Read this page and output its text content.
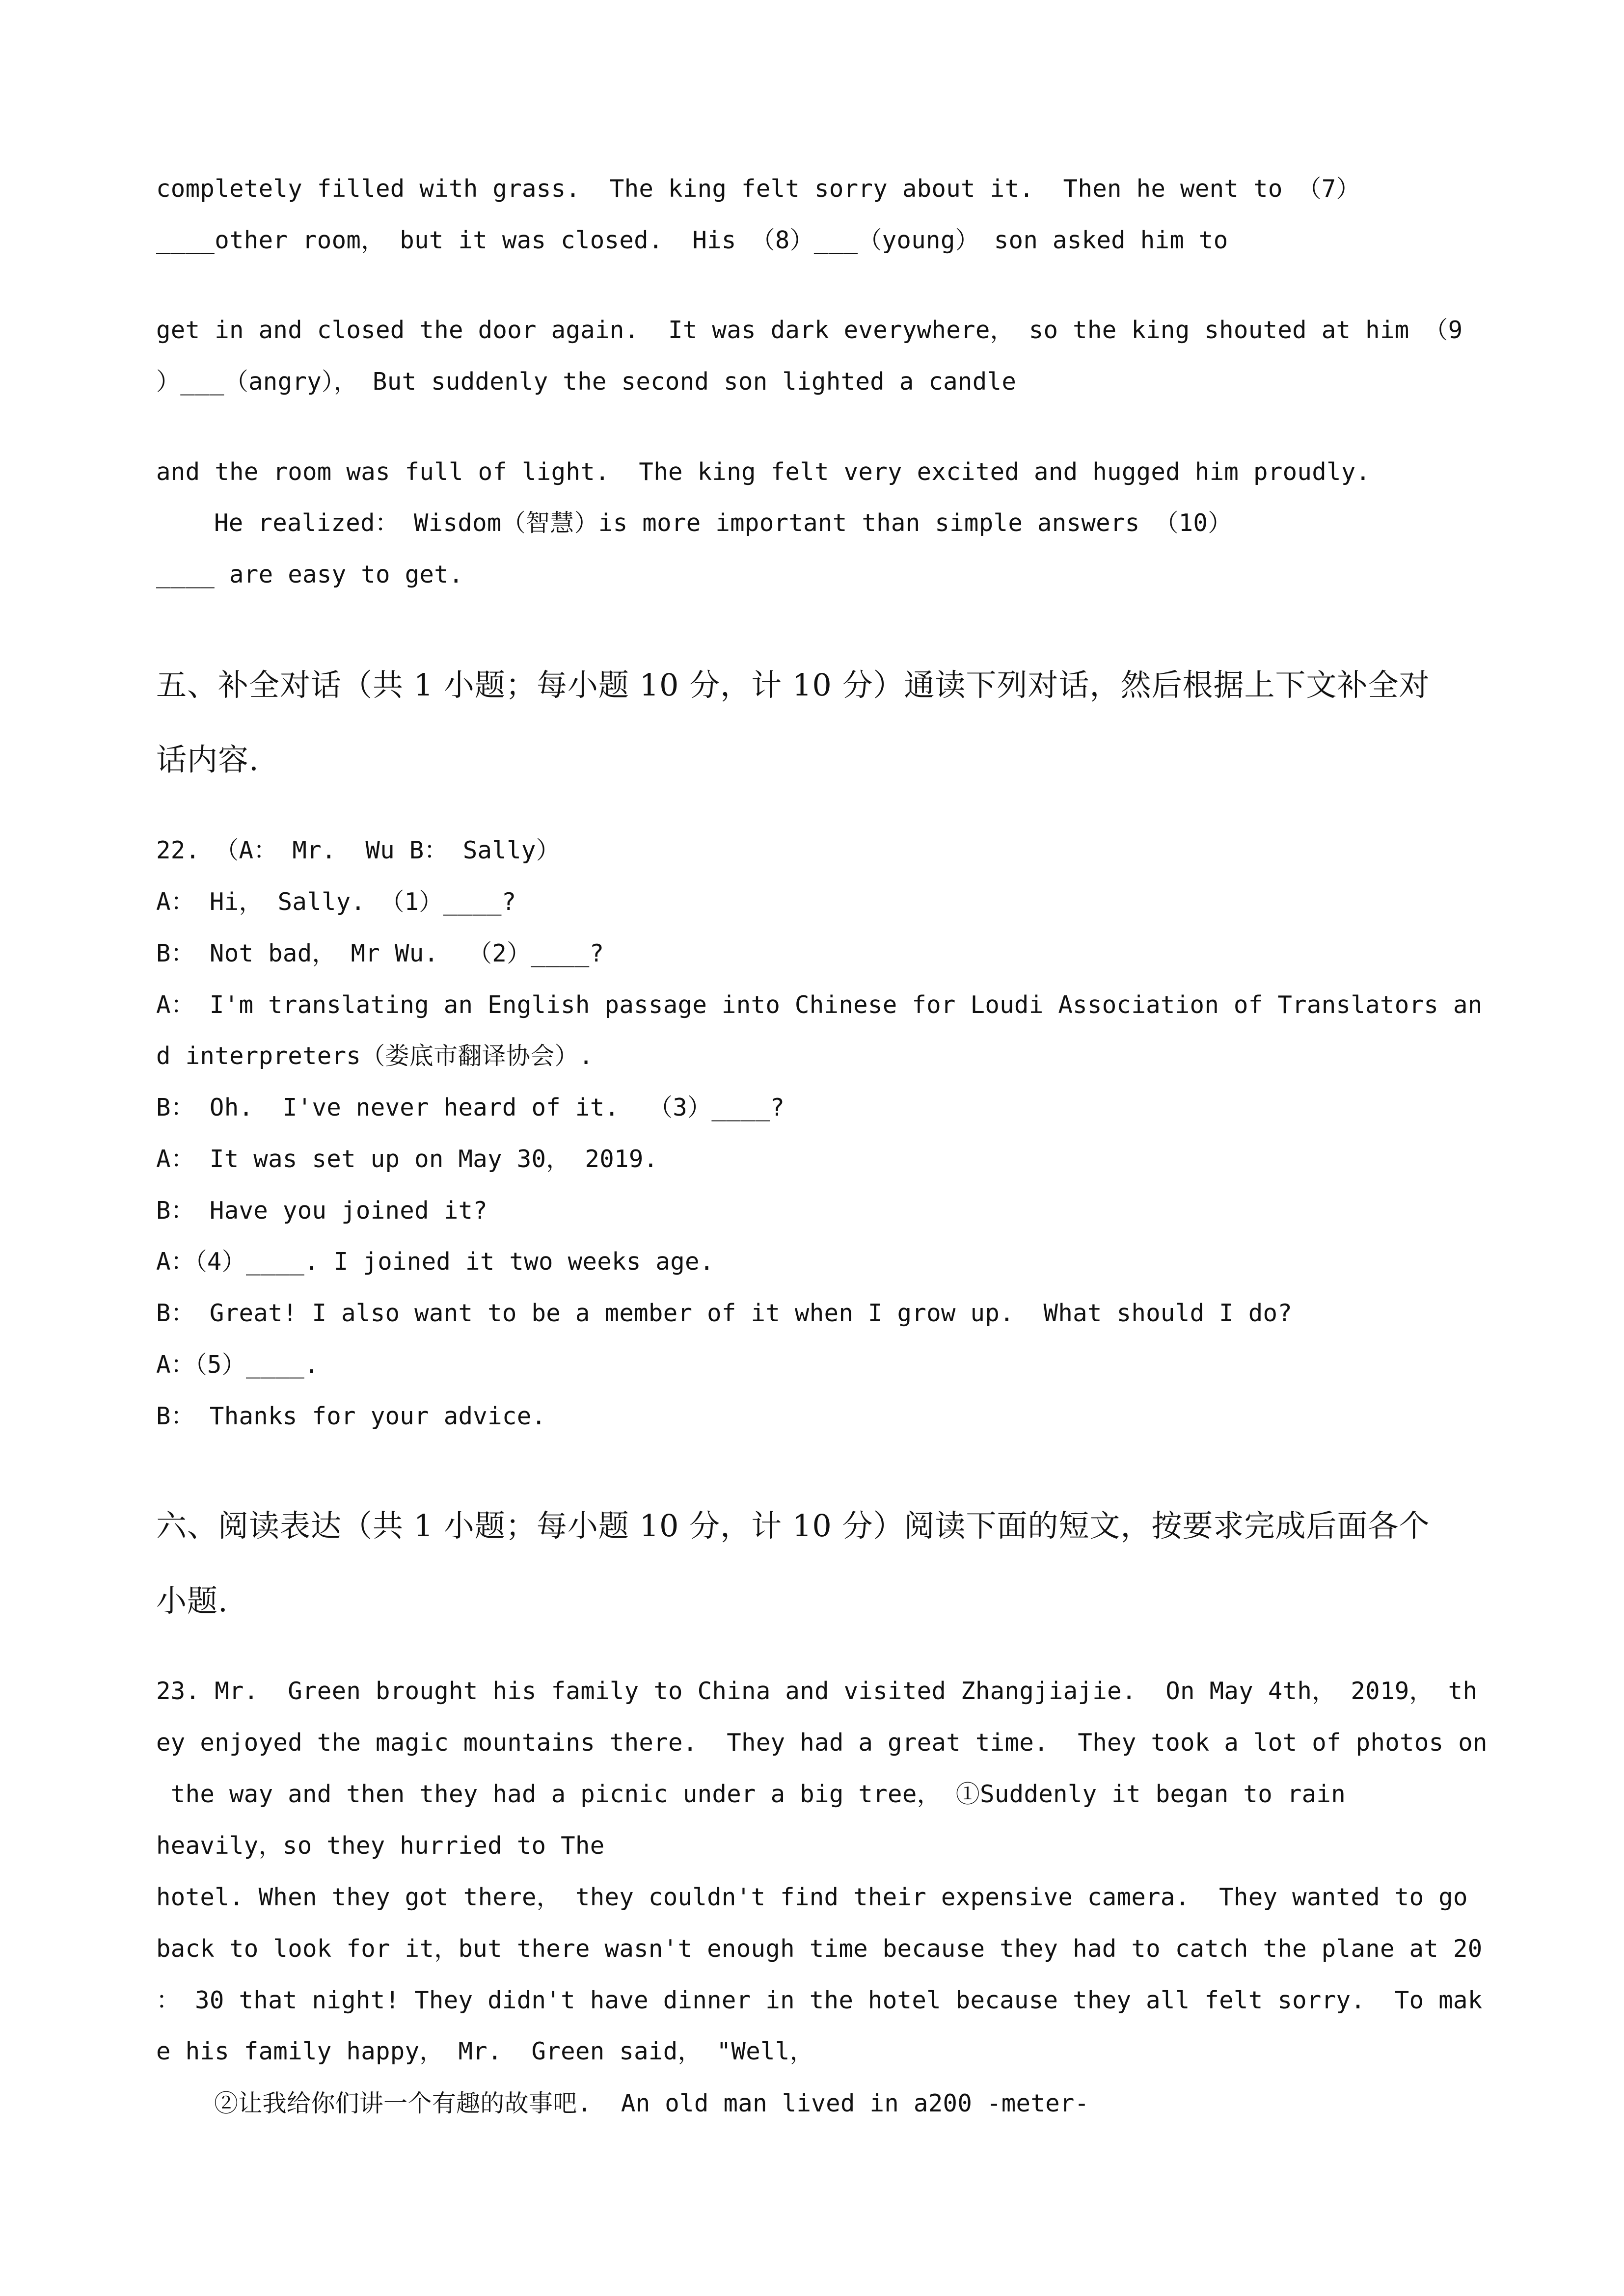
completely filled with grass.  The king felt sorry about it.  Then he went to （7）
____other room， but it was closed.  His （8）___（young） son asked him to
get in and closed the door again.  It was dark everywhere， so the king shouted at him （9
）___（angry）， But suddenly the second son lighted a candle
and the room was full of light.  The king felt very excited and hugged him proudly.
He realized： Wisdom（智慧）is more important than simple answers （10）
____ are easy to get.
五、补全对话（共 1 小题；每小题 10 分，计 10 分）通读下列对话，然后根据上下文补全对
话内容.
22. （A： Mr.  Wu B： Sally）
A： Hi， Sally. （1）____?
B： Not bad， Mr Wu.  （2）____?
A： I'm translating an English passage into Chinese for Loudi Association of Translators an
d interpreters（娄底市翻译协会）.
B： Oh.  I've never heard of it.  （3）____?
A： It was set up on May 30， 2019.
B： Have you joined it?
A：（4）____. I joined it two weeks age.
B： Great! I also want to be a member of it when I grow up.  What should I do?
A：（5）____.
B： Thanks for your advice.
六、阅读表达（共 1 小题；每小题 10 分，计 10 分）阅读下面的短文，按要求完成后面各个
小题.
23. Mr.  Green brought his family to China and visited Zhangjiajie.  On May 4th， 2019， th
ey enjoyed the magic mountains there.  They had a great time.  They took a lot of photos on
the way and then they had a picnic under a big tree， ①Suddenly it began to rain
heavily，so they hurried to The
hotel. When they got there， they couldn't find their expensive camera.  They wanted to go
back to look for it，but there wasn't enough time because they had to catch the plane at 20
： 30 that night! They didn't have dinner in the hotel because they all felt sorry.  To mak
e his family happy， Mr.  Green said， "Well，
②让我给你们讲一个有趣的故事吧.  An old man lived in a200 -meter-
